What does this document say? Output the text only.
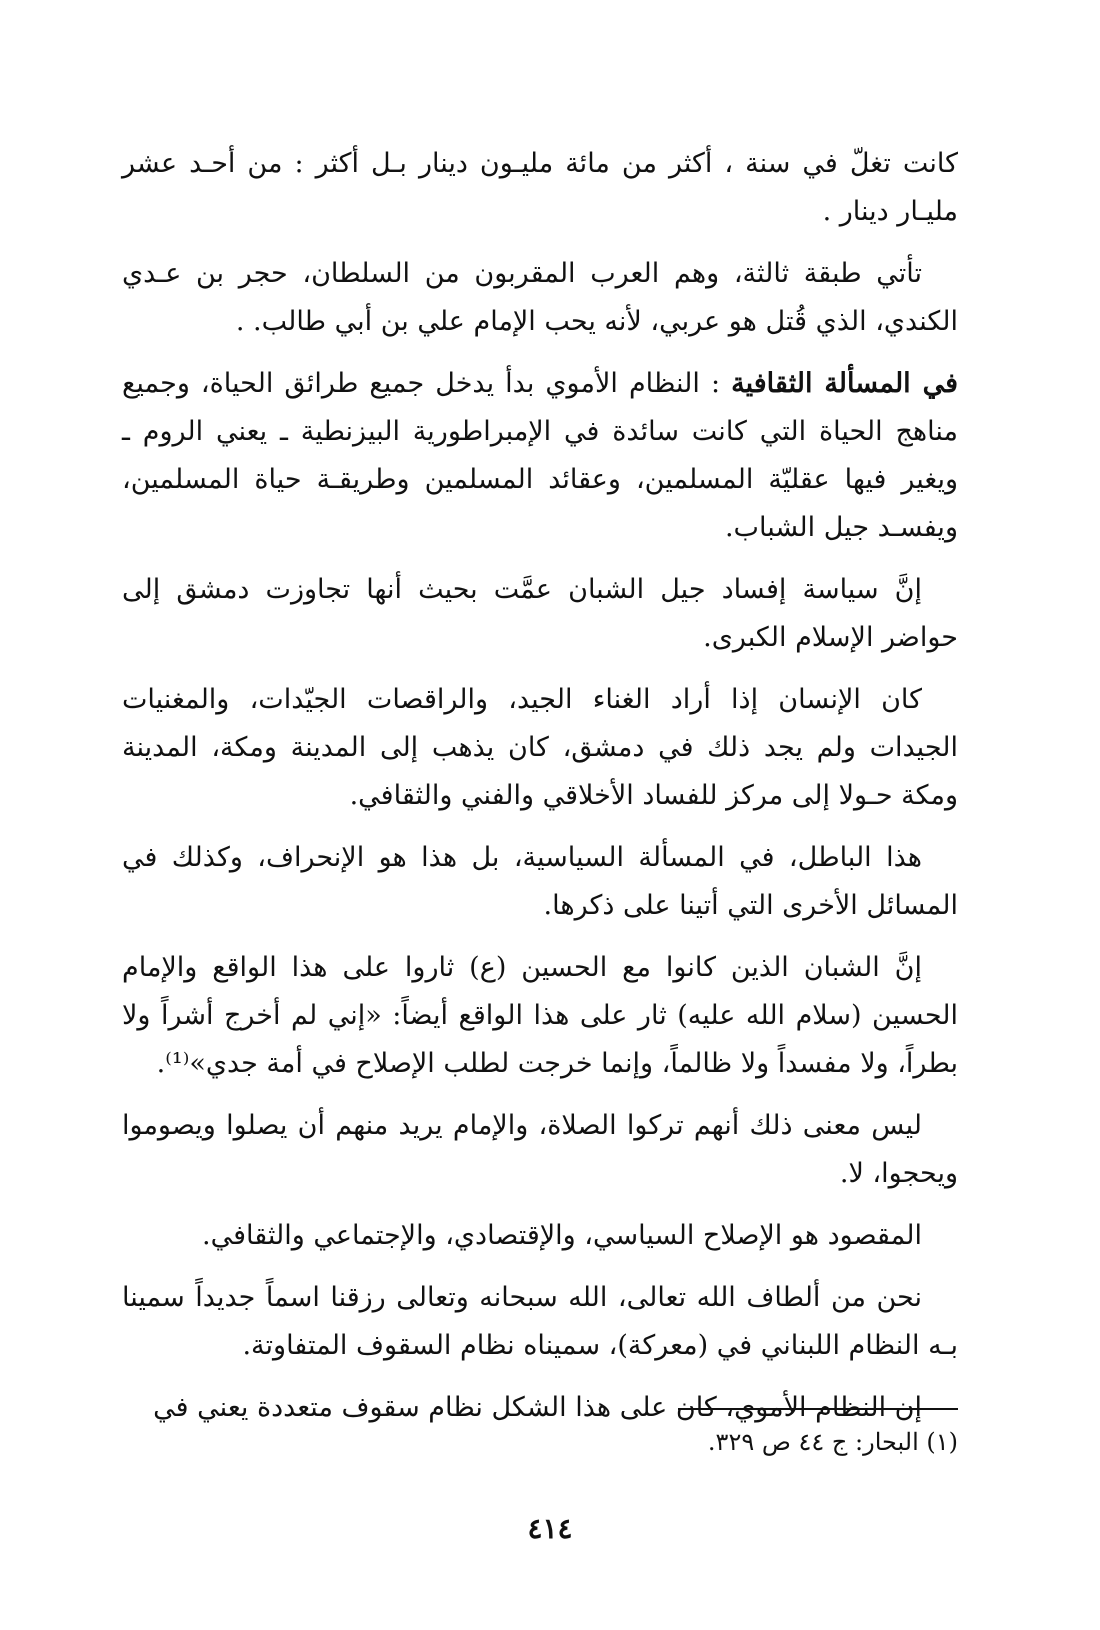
كانت تغلّ في سنة ، أكثر من مائة مليـون دينار بـل أكثر : من أحـد عشر مليـار دينار .

تأتي طبقة ثالثة، وهم العرب المقربون من السلطان، حجر بن عـدي الكندي، الذي قُتل هو عربي، لأنه يحب الإمام علي بن أبي طالب. .

في المسألة الثقافية : النظام الأموي بدأ يدخل جميع طرائق الحياة، وجميع مناهج الحياة التي كانت سائدة في الإمبراطورية البيزنطية ـ يعني الروم ـ ويغير فيها عقليّة المسلمين، وعقائد المسلمين وطريقـة حياة المسلمين، ويفسـد جيل الشباب.

إنَّ سياسة إفساد جيل الشبان عمَّت بحيث أنها تجاوزت دمشق إلى حواضر الإسلام الكبرى.

كان الإنسان إذا أراد الغناء الجيد، والراقصات الجيّدات، والمغنيات الجيدات ولم يجد ذلك في دمشق، كان يذهب إلى المدينة ومكة، المدينة ومكة حـولا إلى مركز للفساد الأخلاقي والفني والثقافي.

هذا الباطل، في المسألة السياسية، بل هذا هو الإنحراف، وكذلك في المسائل الأخرى التي أتينا على ذكرها.

إنَّ الشبان الذين كانوا مع الحسين (ع) ثاروا على هذا الواقع والإمام الحسين (سلام الله عليه) ثار على هذا الواقع أيضاً: «إني لم أخرج أشراً ولا بطراً، ولا مفسداً ولا ظالماً، وإنما خرجت لطلب الإصلاح في أمة جدي»⁽¹⁾.

ليس معنى ذلك أنهم تركوا الصلاة، والإمام يريد منهم أن يصلوا ويصوموا ويحجوا، لا.

المقصود هو الإصلاح السياسي، والإقتصادي، والإجتماعي والثقافي.

نحن من ألطاف الله تعالى، الله سبحانه وتعالى رزقنا اسماً جديداً سمينا بـه النظام اللبناني في (معركة)، سميناه نظام السقوف المتفاوتة.

إن النظام الأموي، كان على هذا الشكل نظام سقوف متعددة يعني في

(١) البحار: ج ٤٤ ص ٣٢٩.
٤١٤
